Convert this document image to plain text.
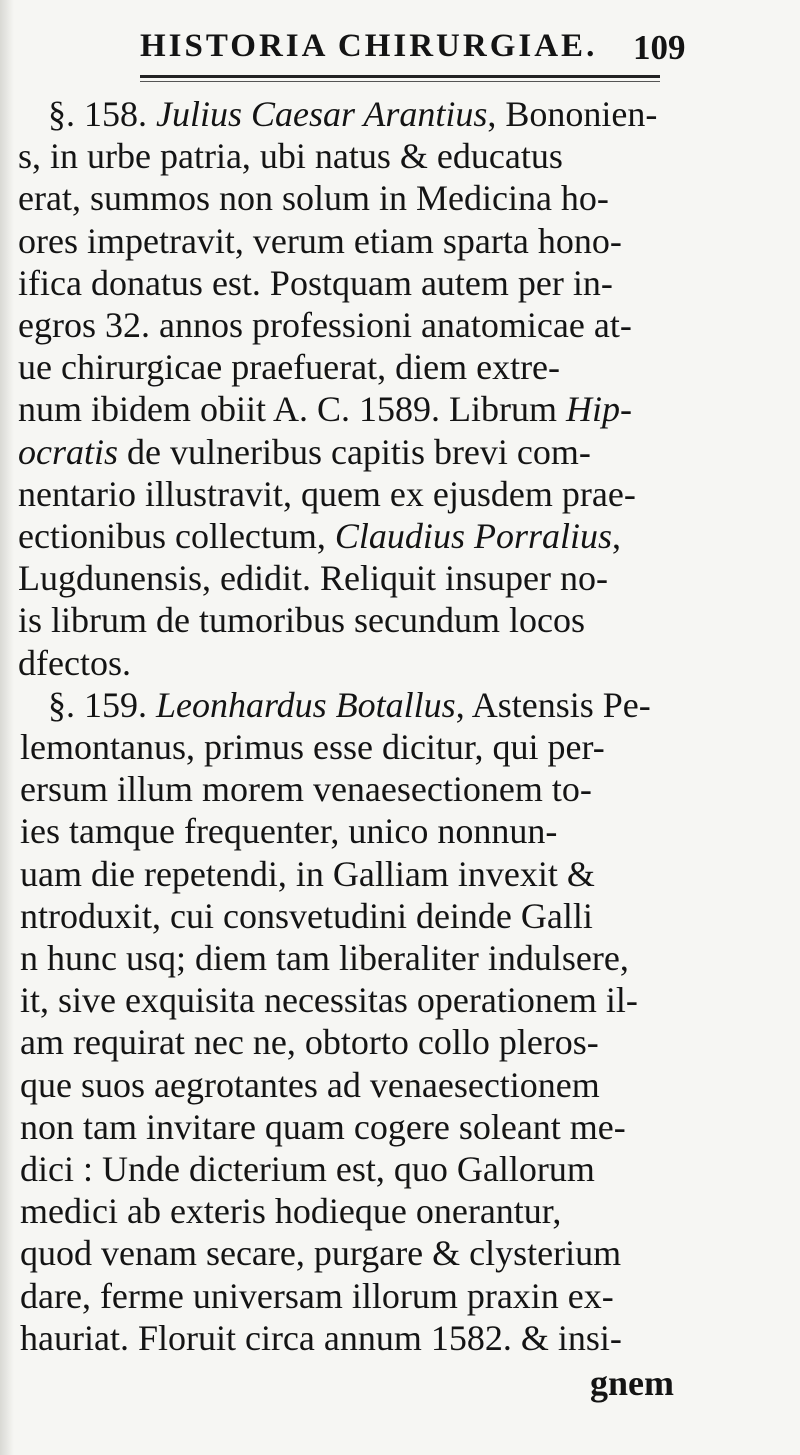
HISTORIA CHIRURGIAE. 109
§. 158. Julius Caesar Arantius, Bononien-
s, in urbe patria, ubi natus & educatus
erat, summos non solum in Medicina ho-
ores impetravit, verum etiam sparta hono-
ifica donatus est. Postquam autem per in-
egros 32. annos professioni anatomicae at-
ue chirurgicae praefuerat, diem extre-
num ibidem obiit A. C. 1589. Librum Hip-
ocratis de vulneribus capitis brevi com-
nentario illustravit, quem ex ejusdem prae-
ectionibus collectum, Claudius Porralius,
Lugdunensis, edidit. Reliquit insuper no-
is librum de tumoribus secundum locos
dfectos.
§. 159. Leonhardus Botallus, Astensis Pe-
lemontanus, primus esse dicitur, qui per-
ersum illum morem venaesectionem to-
ies tamque frequenter, unico nonnun-
uam die repetendi, in Galliam invexit &
ntroduxit, cui consvetudini deinde Galli
n hunc usq; diem tam liberaliter indulsere,
it, sive exquisita necessitas operationem il-
am requirat nec ne, obtorto collo pleros-
que suos aegrotantes ad venaesectionem
non tam invitare quam cogere soleant me-
dici : Unde dicterium est, quo Gallorum
medici ab exteris hodieque onerantur,
quod venam secare, purgare & clysterium
dare, ferme universam illorum praxin ex-
hauriat. Floruit circa annum 1582. & insi-
gnem
